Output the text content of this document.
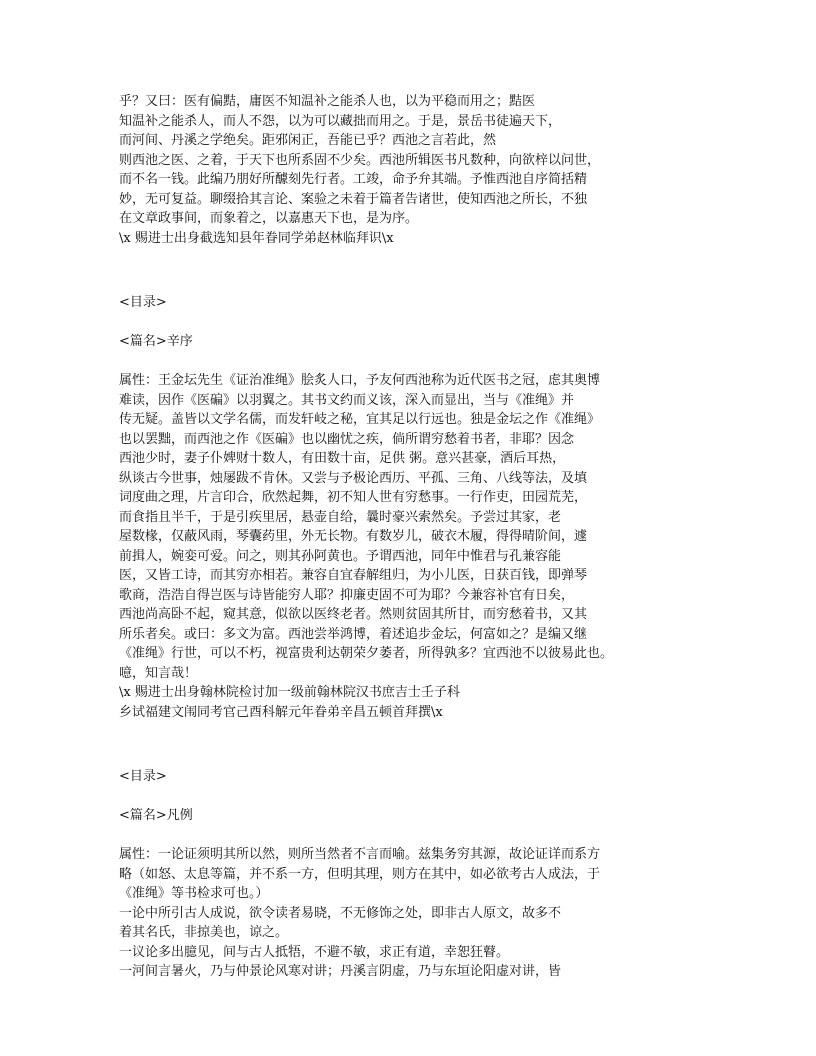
乎？又曰：医有偏黠，庸医不知温补之能杀人也，以为平稳而用之；黠医
知温补之能杀人，而人不怨，以为可以藏拙而用之。于是，景岳书徒遍天下，
而河间、丹溪之学绝矣。距邪闲正，吾能已乎？西池之言若此，然
则西池之医、之着，于天下也所系固不少矣。西池所辑医书凡数种，向欲梓以问世，
而不名一钱。此编乃朋好所醵刻先行者。工竣，命予弁其端。予惟西池自序简括精
妙，无可复益。聊缀拾其言论、案验之未着于篇者告诸世，使知西池之所长，不独
在文章政事间，而象着之，以嘉惠天下也，是为序。
\x 赐进士出身截选知县年眷同学弟赵林临拜识\x
<目录>
<篇名>辛序
属性：王金坛先生《证治准绳》脍炙人口，予友何西池称为近代医书之冠，虑其奥博
难读，因作《医碥》以羽翼之。其书文约而义该，深入而显出，当与《准绳》并
传无疑。盖皆以文学名儒，而发轩岐之秘，宜其足以行远也。独是金坛之作《准绳》
也以罢黜，而西池之作《医碥》也以幽忧之疾，倘所谓穷愁着书者，非耶？因念
西池少时，妻子仆婢财十数人，有田数十亩，足供 粥。意兴甚豪，酒后耳热，
纵谈古今世事，烛屡跋不肯休。又尝与予极论西历、平孤、三角、八线等法，及填
词度曲之理，片言印合，欣然起舞，初不知人世有穷愁事。一行作吏，田园荒芜，
而食指且半千，于是引疾里居，悬壶自给，曩时豪兴索然矣。予尝过其家，老
屋数椽，仅蔽风雨，琴囊药里，外无长物。有数岁儿，破衣木履，得得晴阶间，遽
前揖人，婉娈可爱。问之，则其孙阿黄也。予谓西池，同年中惟君与孔兼容能
医，又皆工诗，而其穷亦相若。兼容自宜春解组归，为小儿医，日获百钱，即弹琴
歌商，浩浩自得岂医与诗皆能穷人耶？抑廉吏固不可为耶？今兼容补官有日矣，
西池尚高卧不起，窥其意，似欲以医终老者。然则贫固其所甘，而穷愁着书，又其
所乐者矣。或曰：多文为富。西池尝举鸿博，着述追步金坛，何富如之？是编又继
《准绳》行世，可以不朽，视富贵利达朝荣夕萎者，所得孰多？宜西池不以彼易此也。
噫，知言哉！
\x 赐进士出身翰林院检讨加一级前翰林院汉书庶吉士壬子科
乡试福建文闱同考官己酉科解元年眷弟辛昌五顿首拜撰\x
<目录>
<篇名>凡例
属性：一论证须明其所以然，则所当然者不言而喻。兹集务穷其源，故论证详而系方
略（如怒、太息等篇，并不系一方，但明其理，则方在其中，如必欲考古人成法，于
《准绳》等书检求可也。）
一论中所引古人成说，欲令读者易晓，不无修饰之处，即非古人原文，故多不
着其名氏，非掠美也，谅之。
一议论多出臆见，间与古人抵牾，不避不敏，求正有道，幸恕狂瞽。
一河间言暑火，乃与仲景论风寒对讲；丹溪言阴虚，乃与东垣论阳虚对讲，皆
